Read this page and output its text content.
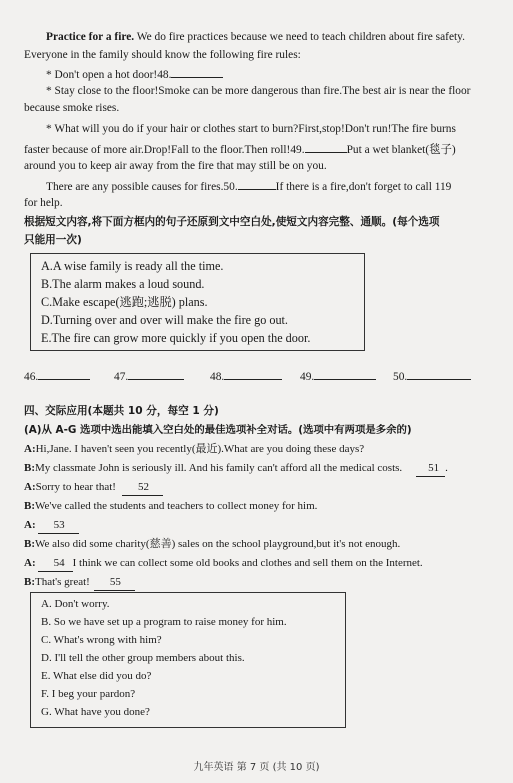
Practice for a fire. We do fire practices because we need to teach children about fire safety.
Everyone in the family should know the following fire rules:
* Don't open a hot door!48.
* Stay close to the floor!Smoke can be more dangerous than fire.The best air is near the floor
because smoke rises.
* What will you do if your hair or clothes start to burn?First,stop!Don't run!The fire burns
faster because of more air.Drop!Fall to the floor.Then roll!49.	Put a wet blanket(毯子)
around you to keep air away from the fire that may still be on you.
There are any possible causes for fires.50.	If there is a fire,don't forget to call 119
for help.
根据短文内容,将下面方框内的句子还原到文中空白处,使短文内容完整、通顺。(每个选项
只能用一次)
A.A wise family is ready all the time.
B.The alarm makes a loud sound.
C.Make escape(逃跑;逃脱) plans.
D.Turning over and over will make the fire go out.
E.The fire can grow more quickly if you open the door.
46.	47.	48.	49.	50.
四、交际应用(本题共 10 分，每空 1 分)
(A)从 A-G 选项中选出能填入空白处的最佳选项补全对话。(选项中有两项是多余的)
A:Hi,Jane. I haven't seen you recently(最近).What are you doing these days?
B:My classmate John is seriously ill. And his family can't afford all the medical costs. 51 .
A:Sorry to hear that! 52
B:We've called the students and teachers to collect money for him.
A: 53
B:We also did some charity(慈善) sales on the school playground,but it's not enough.
A: 54 I think we can collect some old books and clothes and sell them on the Internet.
B:That's great! 55
A. Don't worry.
B. So we have set up a program to raise money for him.
C. What's wrong with him?
D. I'll tell the other group members about this.
E. What else did you do?
F. I beg your pardon?
G. What have you done?
九年英语 第 7 页 (共 10 页)
